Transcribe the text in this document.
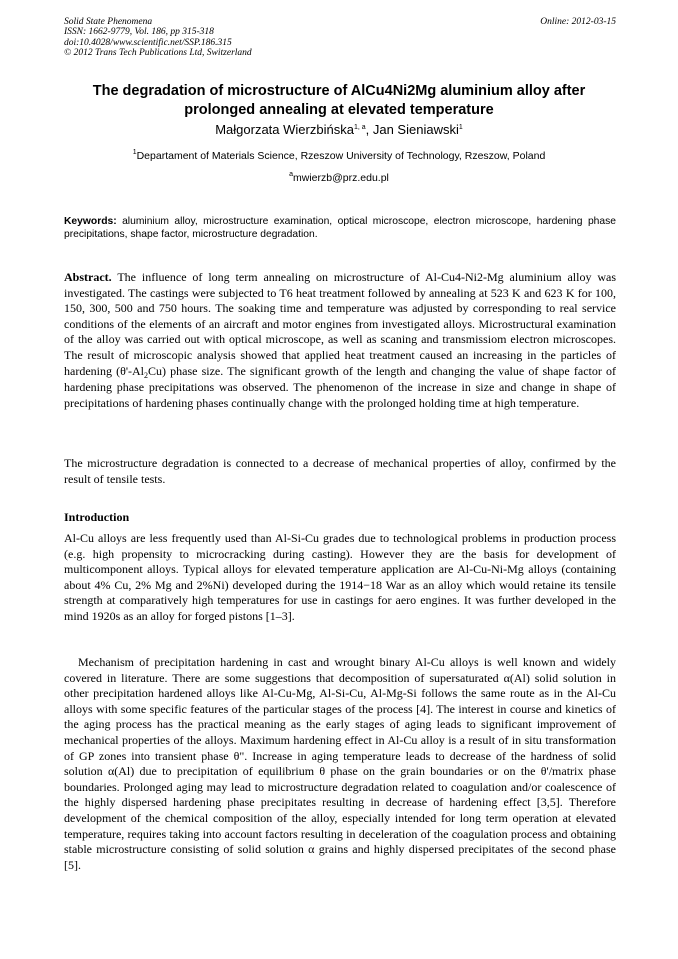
Solid State Phenomena
ISSN: 1662-9779, Vol. 186, pp 315-318
doi:10.4028/www.scientific.net/SSP.186.315
© 2012 Trans Tech Publications Ltd, Switzerland
Online: 2012-03-15
The degradation of microstructure of AlCu4Ni2Mg aluminium alloy after
prolonged annealing at elevated temperature
Małgorzata Wierzbińska$^{1, a}$, Jan Sieniawski$^1$
$^1$Departament of Materials Science, Rzeszow University of Technology, Rzeszow, Poland
$^a$mwierzb@prz.edu.pl
Keywords: aluminium alloy, microstructure examination, optical microscope, electron microscope, hardening phase precipitations, shape factor, microstructure degradation.
Abstract. The influence of long term annealing on microstructure of Al-Cu4-Ni2-Mg aluminium alloy was investigated. The castings were subjected to T6 heat treatment followed by annealing at 523 K and 623 K for 100, 150, 300, 500 and 750 hours. The soaking time and temperature was adjusted by corresponding to real service conditions of the elements of an aircraft and motor engines from investigated alloys. Microstructural examination of the alloy was carried out with optical microscope, as well as scaning and transmissiom electron microscopes. The result of microscopic analysis showed that applied heat treatment caused an increasing in the particles of hardening $(\theta'-Al_2Cu)$ phase size. The significant growth of the length and changing the value of shape factor of hardening phase precipitations was observed. The phenomenon of the increase in size and change in shape of precipitations of hardening phases continually change with the prolonged holding time at high temperature.
The microstructure degradation is connected to a decrease of mechanical properties of alloy, confirmed by the result of tensile tests.
Introduction
Al-Cu alloys are less frequently used than Al-Si-Cu grades due to technological problems in production process (e.g. high propensity to microcracking during casting). However they are the basis for development of multicomponent alloys. Typical alloys for elevated temperature application are Al-Cu-Ni-Mg alloys (containing about 4% Cu, 2% Mg and 2%Ni) developed during the 1914−18 War as an alloy which would retaine its tensile strength at comparatively high temperatures for use in castings for aero engines. It was further developed in the mind 1920s as an alloy for forged pistons [1–3].
Mechanism of precipitation hardening in cast and wrought binary Al-Cu alloys is well known and widely covered in literature. There are some suggestions that decomposition of supersaturated α(Al) solid solution in other precipitation hardened alloys like Al-Cu-Mg, Al-Si-Cu, Al-Mg-Si follows the same route as in the Al-Cu alloys with some specific features of the particular stages of the process [4]. The interest in course and kinetics of the aging process has the practical meaning as the early stages of aging leads to significant improvement of mechanical properties of the alloys. Maximum hardening effect in Al-Cu alloy is a result of in situ transformation of GP zones into transient phase θ". Increase in aging temperature leads to decrease of the hardness of solid solution α(Al) due to precipitation of equilibrium θ phase on the grain boundaries or on the θ'/matrix phase boundaries. Prolonged aging may lead to microstructure degradation related to coagulation and/or coalescence of the highly dispersed hardening phase precipitates resulting in decrease of hardening effect [3,5]. Therefore development of the chemical composition of the alloy, especially intended for long term operation at elevated temperature, requires taking into account factors resulting in deceleration of the coagulation process and obtaining stable microstructure consisting of solid solution α grains and highly dispersed precipitates of the second phase [5].
